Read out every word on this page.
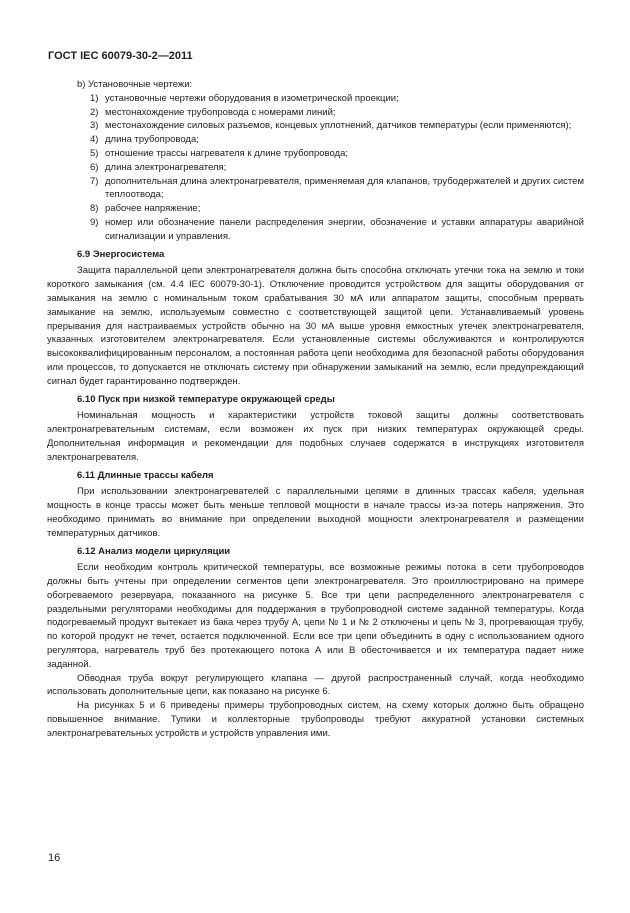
ГОСТ IEC 60079-30-2—2011
b) Установочные чертежи:
1) установочные чертежи оборудования в изометрической проекции;
2) местонахождение трубопровода с номерами линий;
3) местонахождение силовых разъемов, концевых уплотнений, датчиков температуры (если применяются);
4) длина трубопровода;
5) отношение трассы нагревателя к длине трубопровода;
6) длина электронагревателя;
7) дополнительная длина электронагревателя, применяемая для клапанов, трубодержателей и других систем теплоотвода;
8) рабочее напряжение;
9) номер или обозначение панели распределения энергии, обозначение и уставки аппаратуры аварийной сигнализации и управления.
6.9 Энергосистема

Защита параллельной цепи электронагревателя должна быть способна отключать утечки тока на землю и токи короткого замыкания (см. 4.4 IEC 60079-30-1). Отключение проводится устройством для защиты оборудования от замыкания на землю с номинальным током срабатывания 30 мА или аппаратом защиты, способным прервать замыкание на землю, используемым совместно с соответствующей защитой цепи. Устанавливаемый уровень прерывания для настраиваемых устройств обычно на 30 мА выше уровня емкостных утечек электронагревателя, указанных изготовителем электронагревателя. Если установленные системы обслуживаются и контролируются высококвалифицированным персоналом, а постоянная работа цепи необходима для безопасной работы оборудования или процессов, то допускается не отключать систему при обнаружении замыканий на землю, если предупреждающий сигнал будет гарантированно подтвержден.

6.10 Пуск при низкой температуре окружающей среды

Номинальная мощность и характеристики устройств токовой защиты должны соответствовать электронагревательным системам, если возможен их пуск при низких температурах окружающей среды. Дополнительная информация и рекомендации для подобных случаев содержатся в инструкциях изготовителя электронагревателя.

6.11 Длинные трассы кабеля

При использовании электронагревателей с параллельными цепями в длинных трассах кабеля, удельная мощность в конце трассы может быть меньше тепловой мощности в начале трассы из-за потерь напряжения. Это необходимо принимать во внимание при определении выходной мощности электронагревателя и размещении температурных датчиков.

6.12 Анализ модели циркуляции

Если необходим контроль критической температуры, все возможные режимы потока в сети трубопроводов должны быть учтены при определении сегментов цепи электронагревателя. Это проиллюстрировано на примере обогреваемого резервуара, показанного на рисунке 5. Все три цепи распределенного электронагревателя с раздельными регуляторами необходимы для поддержания в трубопроводной системе заданной температуры. Когда подогреваемый продукт вытекает из бака через трубу А, цепи № 1 и № 2 отключены и цепь № 3, прогревающая трубу, по которой продукт не течет, остается подключенной. Если все три цепи объединить в одну с использованием одного регулятора, нагреватель труб без протекающего потока А или В обесточивается и их температура падает ниже заданной.

Обводная труба вокруг регулирующего клапана — другой распространенный случай, когда необходимо использовать дополнительные цепи, как показано на рисунке 6.

На рисунках 5 и 6 приведены примеры трубопроводных систем, на схему которых должно быть обращено повышенное внимание. Тупики и коллекторные трубопроводы требуют аккуратной установки системных электронагревательных устройств и устройств управления ими.

16
